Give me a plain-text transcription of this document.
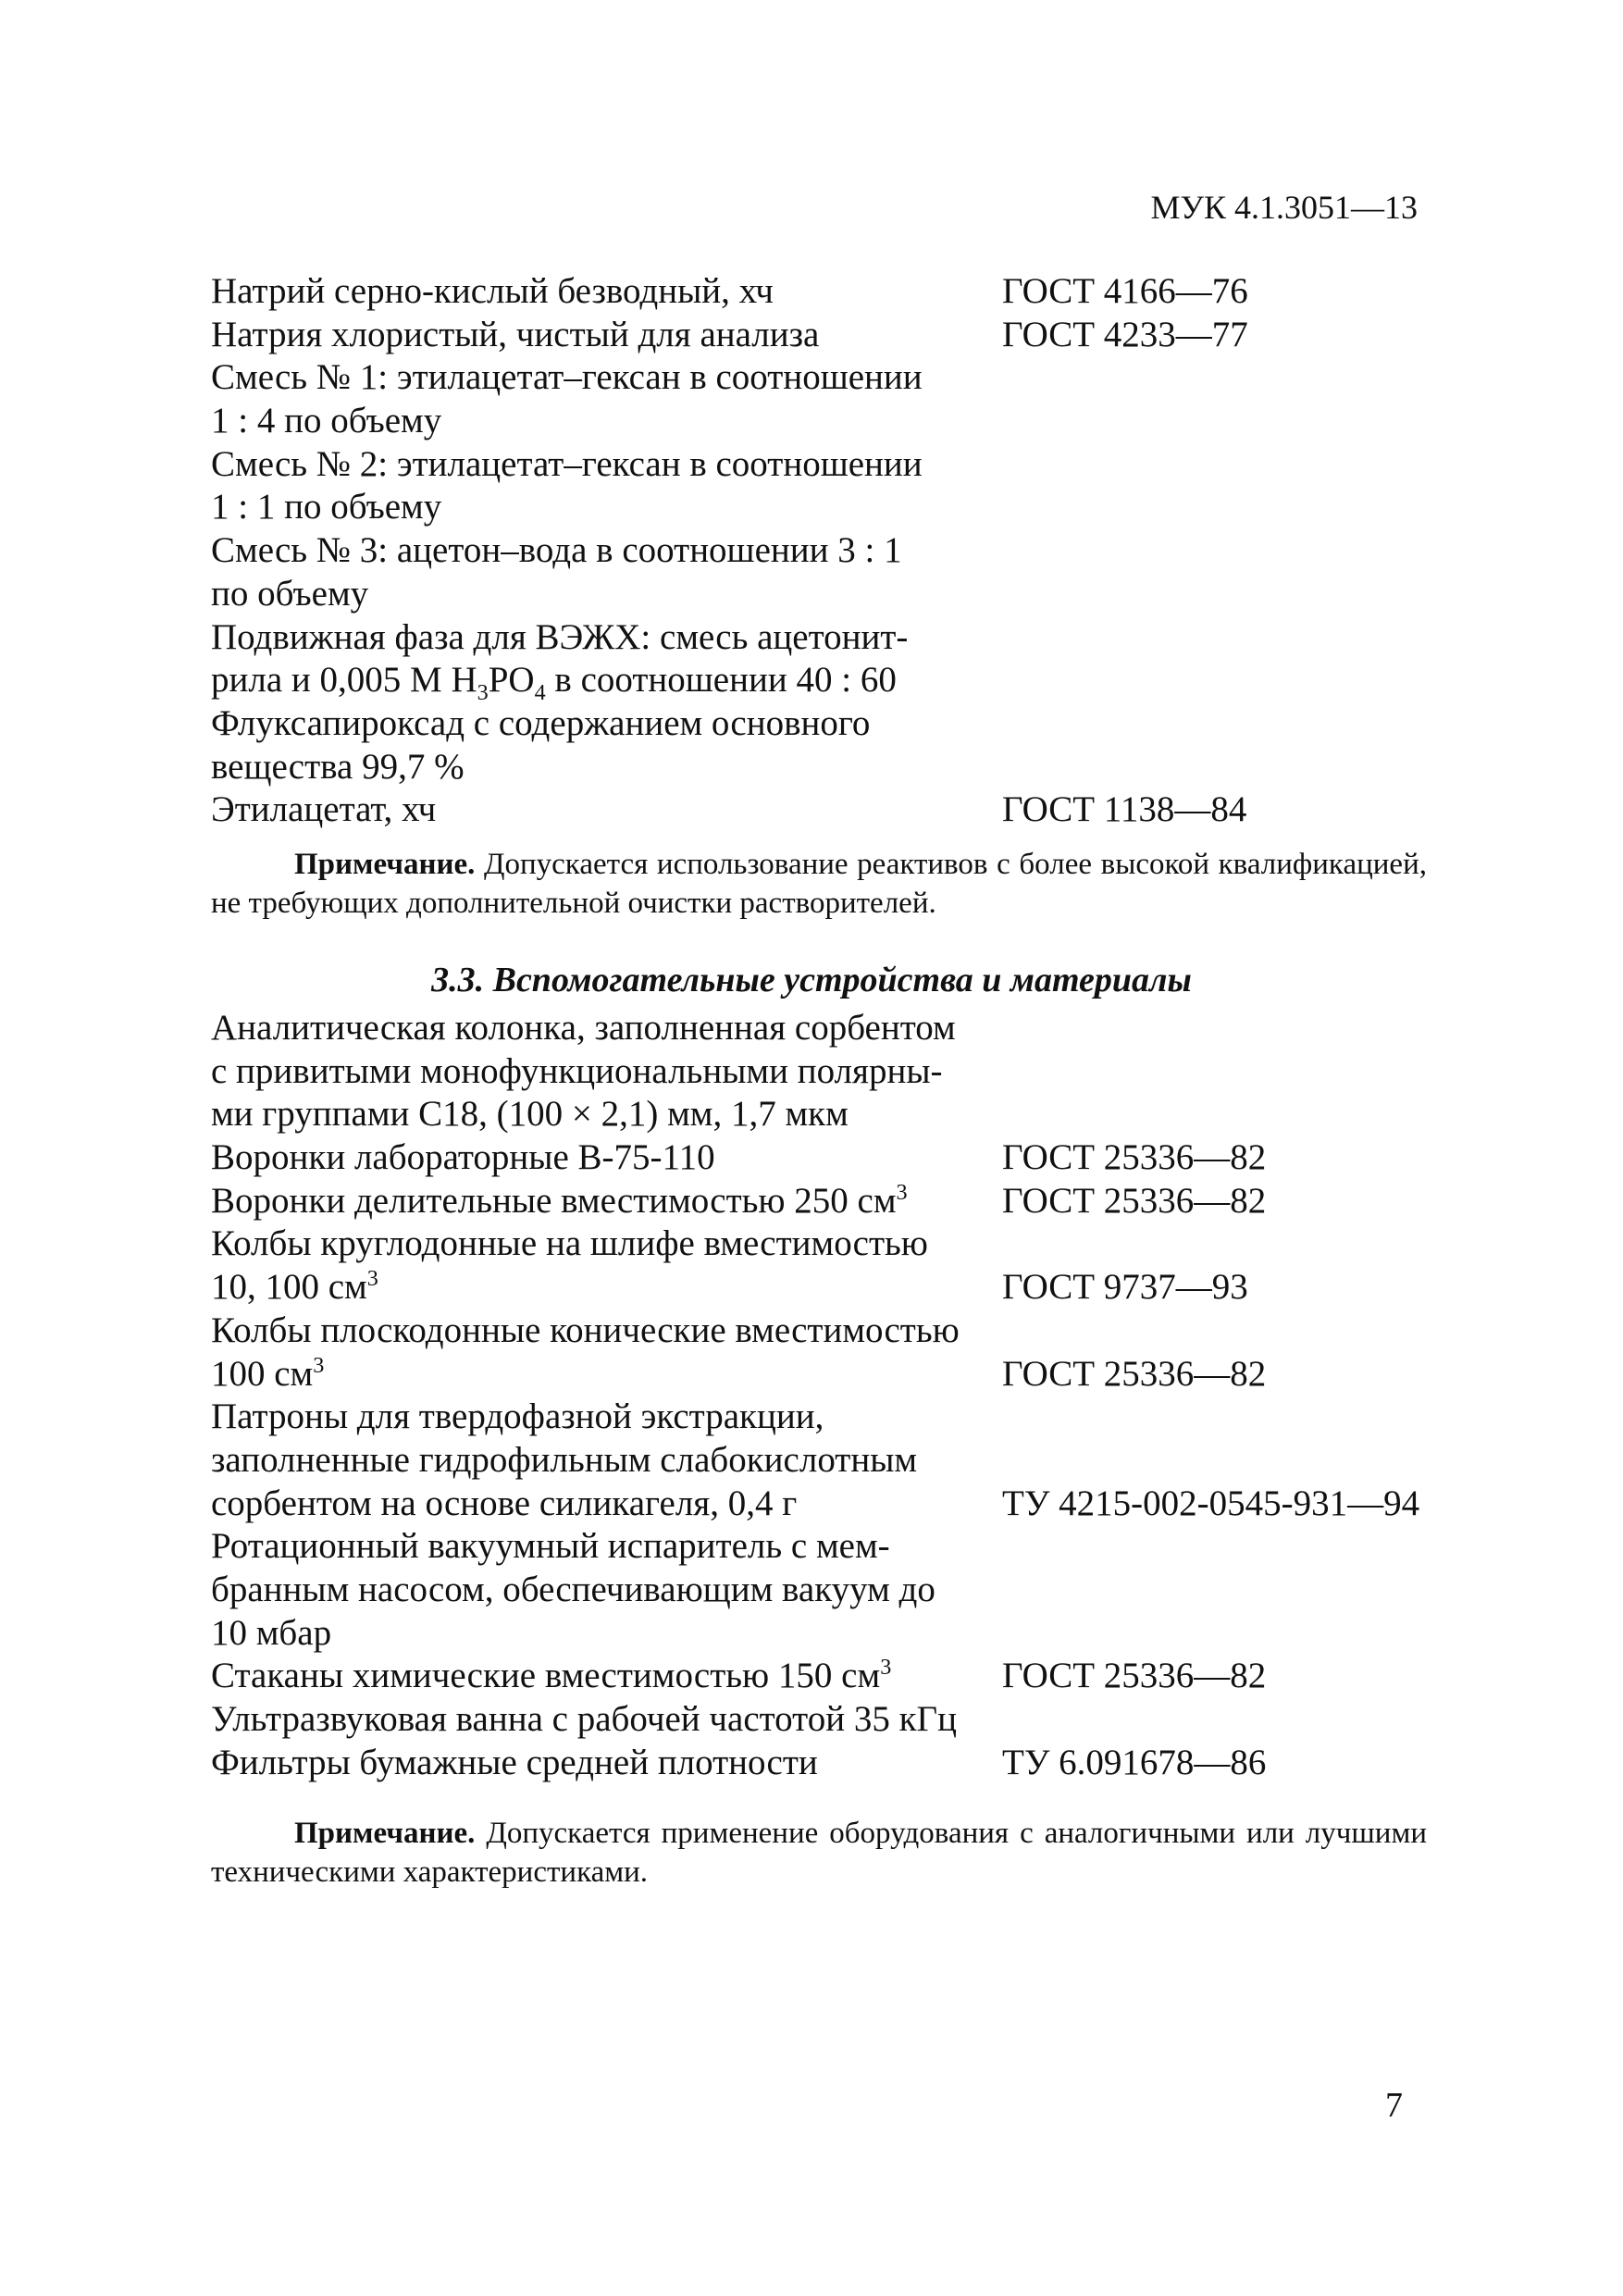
МУК 4.1.3051—13
Натрий серно-кислый безводный, хч	ГОСТ 4166—76
Натрия хлористый, чистый для анализа	ГОСТ 4233—77
Смесь № 1: этилацетат–гексан в соотношении
1 : 4 по объему
Смесь № 2: этилацетат–гексан в соотношении
1 : 1 по объему
Смесь № 3: ацетон–вода в соотношении 3 : 1
по объему
Подвижная фаза для ВЭЖХ: смесь ацетонит-
рила и 0,005 М $H_3PO_4$ в соотношении 40 : 60
Флуксапироксад с содержанием основного
вещества 99,7 %
Этилацетат, хч	ГОСТ 1138—84
Примечание. Допускается использование реактивов с более высокой квалификацией, не требующих дополнительной очистки растворителей.
3.3. Вспомогательные устройства и материалы
Аналитическая колонка, заполненная сорбентом
с привитыми монофункциональными полярны-
ми группами С18, (100 × 2,1) мм, 1,7 мкм
Воронки лабораторные В-75-110	ГОСТ 25336—82
Воронки делительные вместимостью 250 $см^3$	ГОСТ 25336—82
Колбы круглодонные на шлифе вместимостью
10, 100 $см^3$	ГОСТ 9737—93
Колбы плоскодонные конические вместимостью
100 $см^3$	ГОСТ 25336—82
Патроны для твердофазной экстракции,
заполненные гидрофильным слабокислотным
сорбентом на основе силикагеля, 0,4 г	ТУ 4215-002-0545-931—94
Ротационный вакуумный испаритель с мем-
бранным насосом, обеспечивающим вакуум до
10 мбар
Стаканы химические вместимостью 150 $см^3$	ГОСТ 25336—82
Ультразвуковая ванна с рабочей частотой 35 кГц
Фильтры бумажные средней плотности	ТУ 6.091678—86
Примечание. Допускается применение оборудования с аналогичными или лучшими техническими характеристиками.
7
